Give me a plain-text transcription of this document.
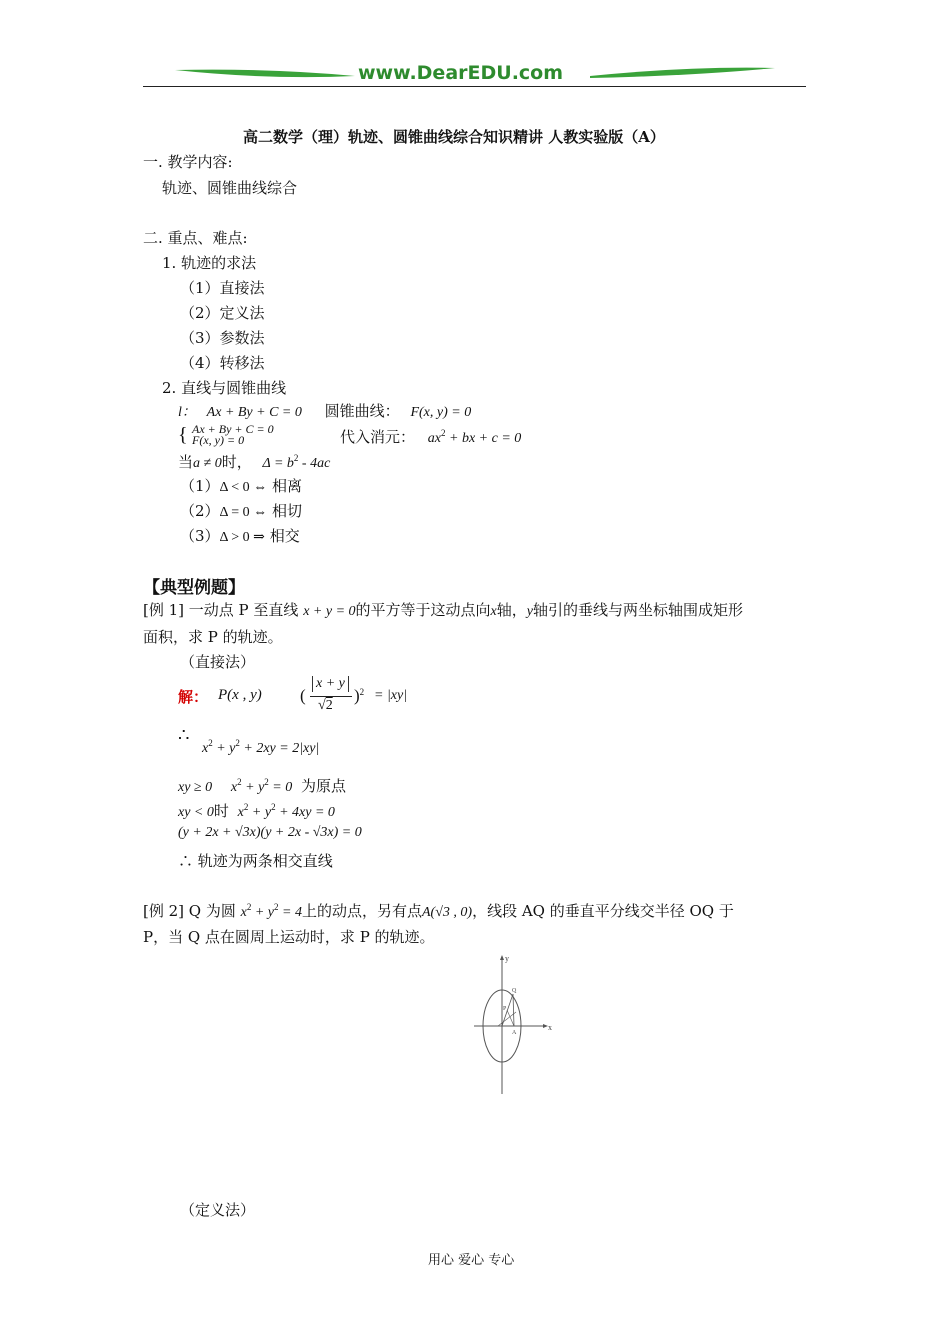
www.DearEDU.com
高二数学（理）轨迹、圆锥曲线综合知识精讲 人教实验版（A）
一. 教学内容:
轨迹、圆锥曲线综合
二. 重点、难点:
1. 轨迹的求法
（1）直接法
（2）定义法
（3）参数法
（4）转移法
2. 直线与圆锥曲线
l： Ax + By + C = 0 圆锥曲线： F(x, y) = 0
{ Ax + By + C = 0
F(x, y) = 0	代入消元： $ax^2$ + bx + c = 0
当a ≠ 0时， $\Delta = b^2 - 4ac$
（1）Δ < 0 ⇔ 相离
（2）Δ = 0 ⇔ 相切
（3）Δ > 0 ⇒ 相交
【典型例题】
[例 1] 一动点 P 至直线 x + y = 0的平方等于这动点向x轴，y轴引的垂线与两坐标轴围成矩形
面积，求 P 的轨迹。
（直接法）
解： P(x , y) (
x + y
√2
)$^2$ = |xy|
∴
$x^2 + y^2 + 2xy = 2|xy|$
xy ≥ 0 $x^2 + y^2 = 0$ 为原点
xy < 0时 $x^2 + y^2 + 4xy = 0$
(y + 2x + √3x)(y + 2x - √3x) = 0
∴ 轨迹为两条相交直线
[例 2] Q 为圆 $x^2 + y^2 = 4$上的动点，另有点A(√3 , 0)，线段 AQ 的垂直平分线交半径 OQ 于
P，当 Q 点在圆周上运动时，求 P 的轨迹。
y
x
Q
P
A
（定义法）
用心 爱心 专心
